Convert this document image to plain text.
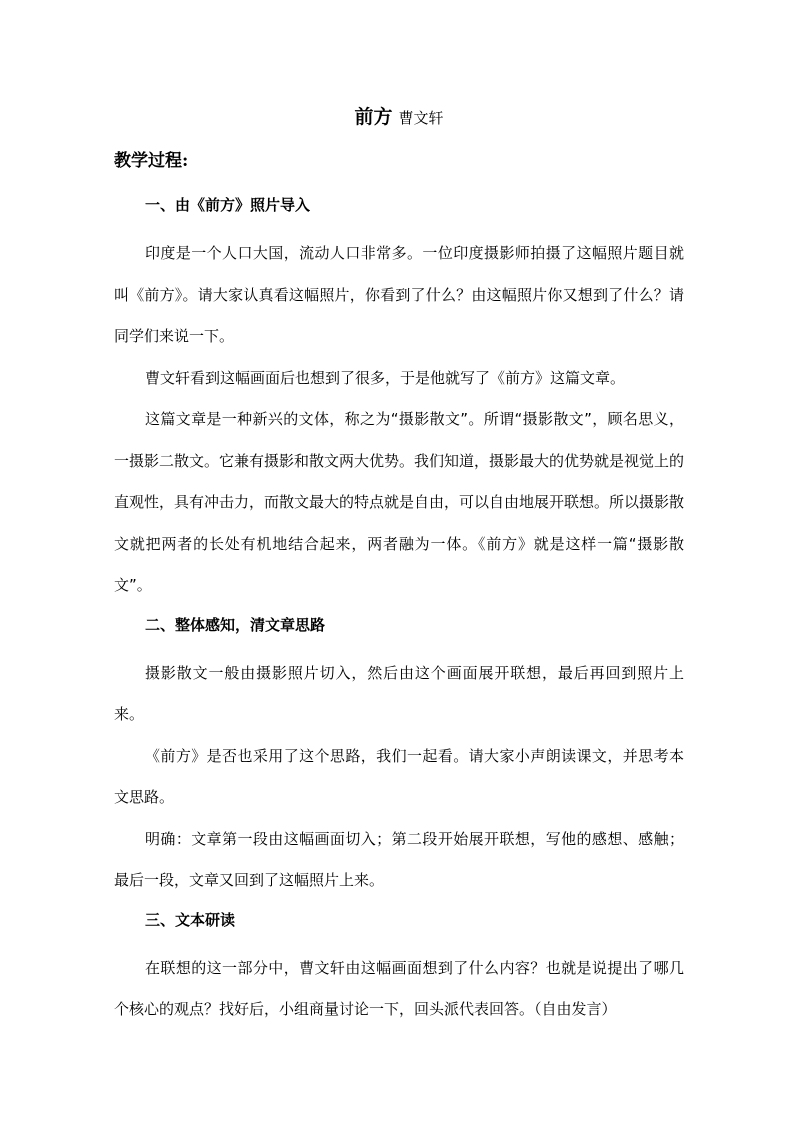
前方 曹文轩
教学过程:
一、由《前方》照片导入

印度是一个人口大国，流动人口非常多。一位印度摄影师拍摄了这幅照片题目就叫《前方》。请大家认真看这幅照片，你看到了什么？由这幅照片你又想到了什么？请同学们来说一下。

曹文轩看到这幅画面后也想到了很多，于是他就写了《前方》这篇文章。

这篇文章是一种新兴的文体，称之为“摄影散文”。所谓“摄影散文”，顾名思义，一摄影二散文。它兼有摄影和散文两大优势。我们知道，摄影最大的优势就是视觉上的直观性，具有冲击力，而散文最大的特点就是自由，可以自由地展开联想。所以摄影散文就把两者的长处有机地结合起来，两者融为一体。《前方》就是这样一篇“摄影散文”。

二、整体感知，清文章思路

摄影散文一般由摄影照片切入，然后由这个画面展开联想，最后再回到照片上来。

《前方》是否也采用了这个思路，我们一起看。请大家小声朗读课文，并思考本文思路。

明确：文章第一段由这幅画面切入；第二段开始展开联想，写他的感想、感触；最后一段，文章又回到了这幅照片上来。

三、文本研读

在联想的这一部分中，曹文轩由这幅画面想到了什么内容？也就是说提出了哪几个核心的观点？找好后，小组商量讨论一下，回头派代表回答。（自由发言）
